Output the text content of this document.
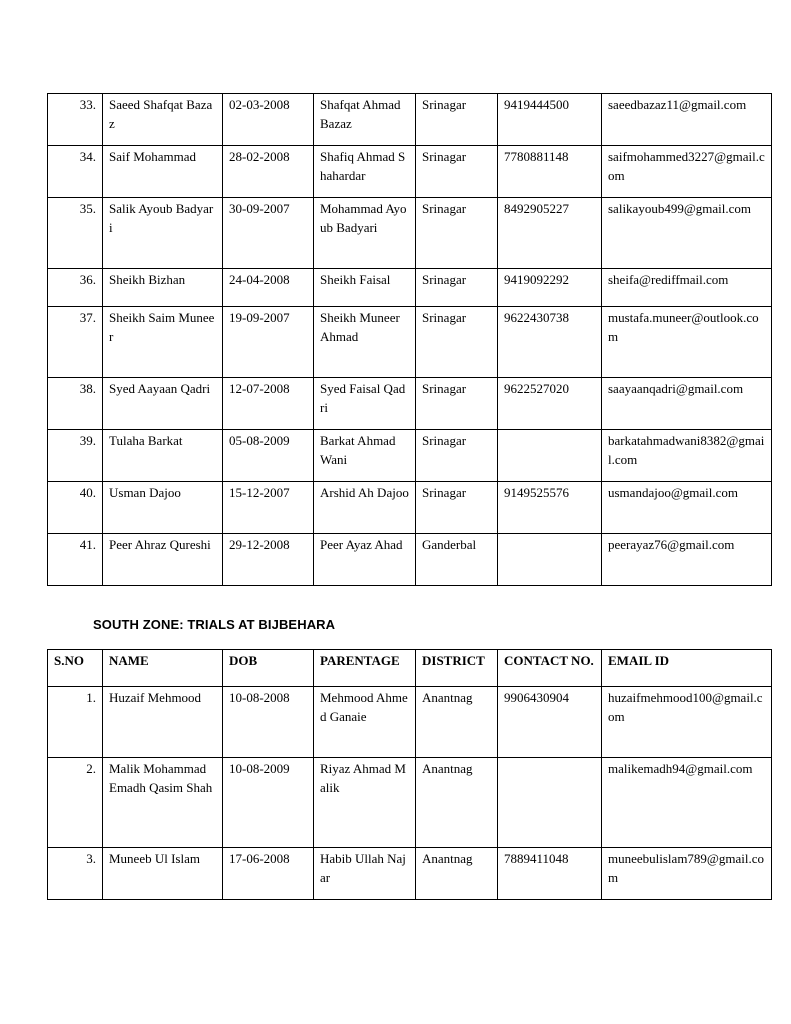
33.	Saeed Shafqat Bazaz	02-03-2008	Shafqat Ahmad Bazaz	Srinagar	9419444500	saeedbazaz11@gmail.com
34.	Saif Mohammad	28-02-2008	Shafiq Ahmad Shahardar	Srinagar	7780881148	saifmohammed3227@gmail.com
35.	Salik Ayoub Badyari	30-09-2007	Mohammad Ayoub Badyari	Srinagar	8492905227	salikayoub499@gmail.com
36.	Sheikh Bizhan	24-04-2008	Sheikh Faisal	Srinagar	9419092292	sheifa@rediffmail.com
37.	Sheikh Saim Muneer	19-09-2007	Sheikh Muneer Ahmad	Srinagar	9622430738	mustafa.muneer@outlook.com
38.	Syed Aayaan Qadri	12-07-2008	Syed Faisal Qadri	Srinagar	9622527020	saayaanqadri@gmail.com
39.	Tulaha Barkat	05-08-2009	Barkat Ahmad Wani	Srinagar		barkatahmadwani8382@gmail.com
40.	Usman Dajoo	15-12-2007	Arshid Ah Dajoo	Srinagar	9149525576	usmandajoo@gmail.com
41.	Peer Ahraz Qureshi	29-12-2008	Peer Ayaz Ahad	Ganderbal		peerayaz76@gmail.com
SOUTH ZONE: TRIALS AT BIJBEHARA
S.NO	NAME	DOB	PARENTAGE	DISTRICT	CONTACT NO.	EMAIL ID
1.	Huzaif Mehmood	10-08-2008	Mehmood Ahmed Ganaie	Anantnag	9906430904	huzaifmehmood100@gmail.com
2.	Malik Mohammad Emadh Qasim Shah	10-08-2009	Riyaz Ahmad Malik	Anantnag		malikemadh94@gmail.com
3.	Muneeb Ul Islam	17-06-2008	Habib Ullah Najar	Anantnag	7889411048	muneebulislam789@gmail.com
